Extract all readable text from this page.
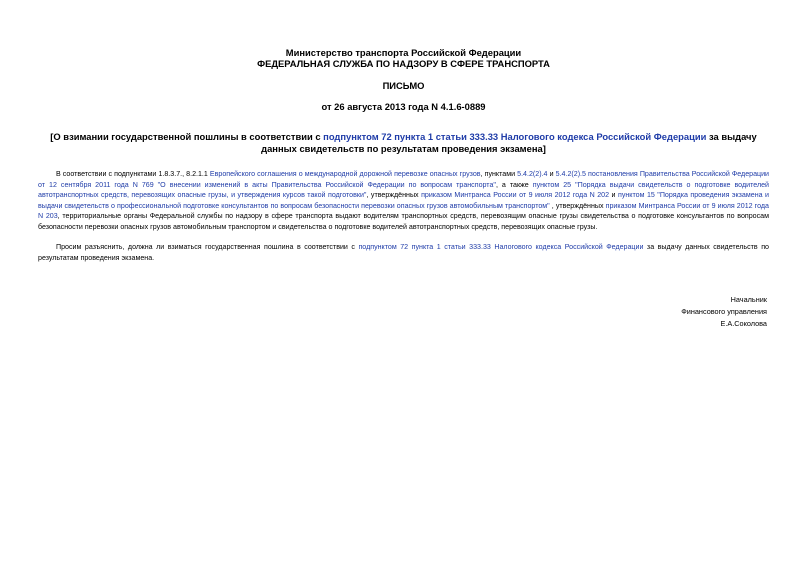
Министерство транспорта Российской Федерации
ФЕДЕРАЛЬНАЯ СЛУЖБА ПО НАДЗОРУ В СФЕРЕ ТРАНСПОРТА
ПИСЬМО
от 26 августа 2013 года N 4.1.6-0889
[О взимании государственной пошлины в соответствии с подпунктом 72 пункта 1 статьи 333.33 Налогового кодекса Российской Федерации за выдачу данных свидетельств по результатам проведения экзамена]
В соответствии с подпунктами 1.8.3.7., 8.2.1.1 Европейского соглашения о международной дорожной перевозке опасных грузов, пунктами 5.4.2(2).4 и 5.4.2(2).5 постановления Правительства Российской Федерации от 12 сентября 2011 года N 769 "О внесении изменений в акты Правительства Российской Федерации по вопросам транспорта", а также пунктом 25 "Порядка выдачи свидетельств о подготовке водителей автотранспортных средств, перевозящих опасные грузы, и утверждения курсов такой подготовки", утверждённых приказом Минтранса России от 9 июля 2012 года N 202 и пунктом 15 "Порядка проведения экзамена и выдачи свидетельств о профессиональной подготовке консультантов по вопросам безопасности перевозки опасных грузов автомобильным транспортом" , утверждённых приказом Минтранса России от 9 июля 2012 года N 203, территориальные органы Федеральной службы по надзору в сфере транспорта выдают водителям транспортных средств, перевозящим опасные грузы свидетельства о подготовке консультантов по вопросам безопасности перевозки опасных грузов автомобильным транспортом и свидетельства о подготовке водителей автотранспортных средств, перевозящих опасные грузы.
Просим разъяснить, должна ли взиматься государственная пошлина в соответствии с подпунктом 72 пункта 1 статьи 333.33 Налогового кодекса Российской Федерации за выдачу данных свидетельств по результатам проведения экзамена.
Начальник
Финансового управления
Е.А.Соколова
